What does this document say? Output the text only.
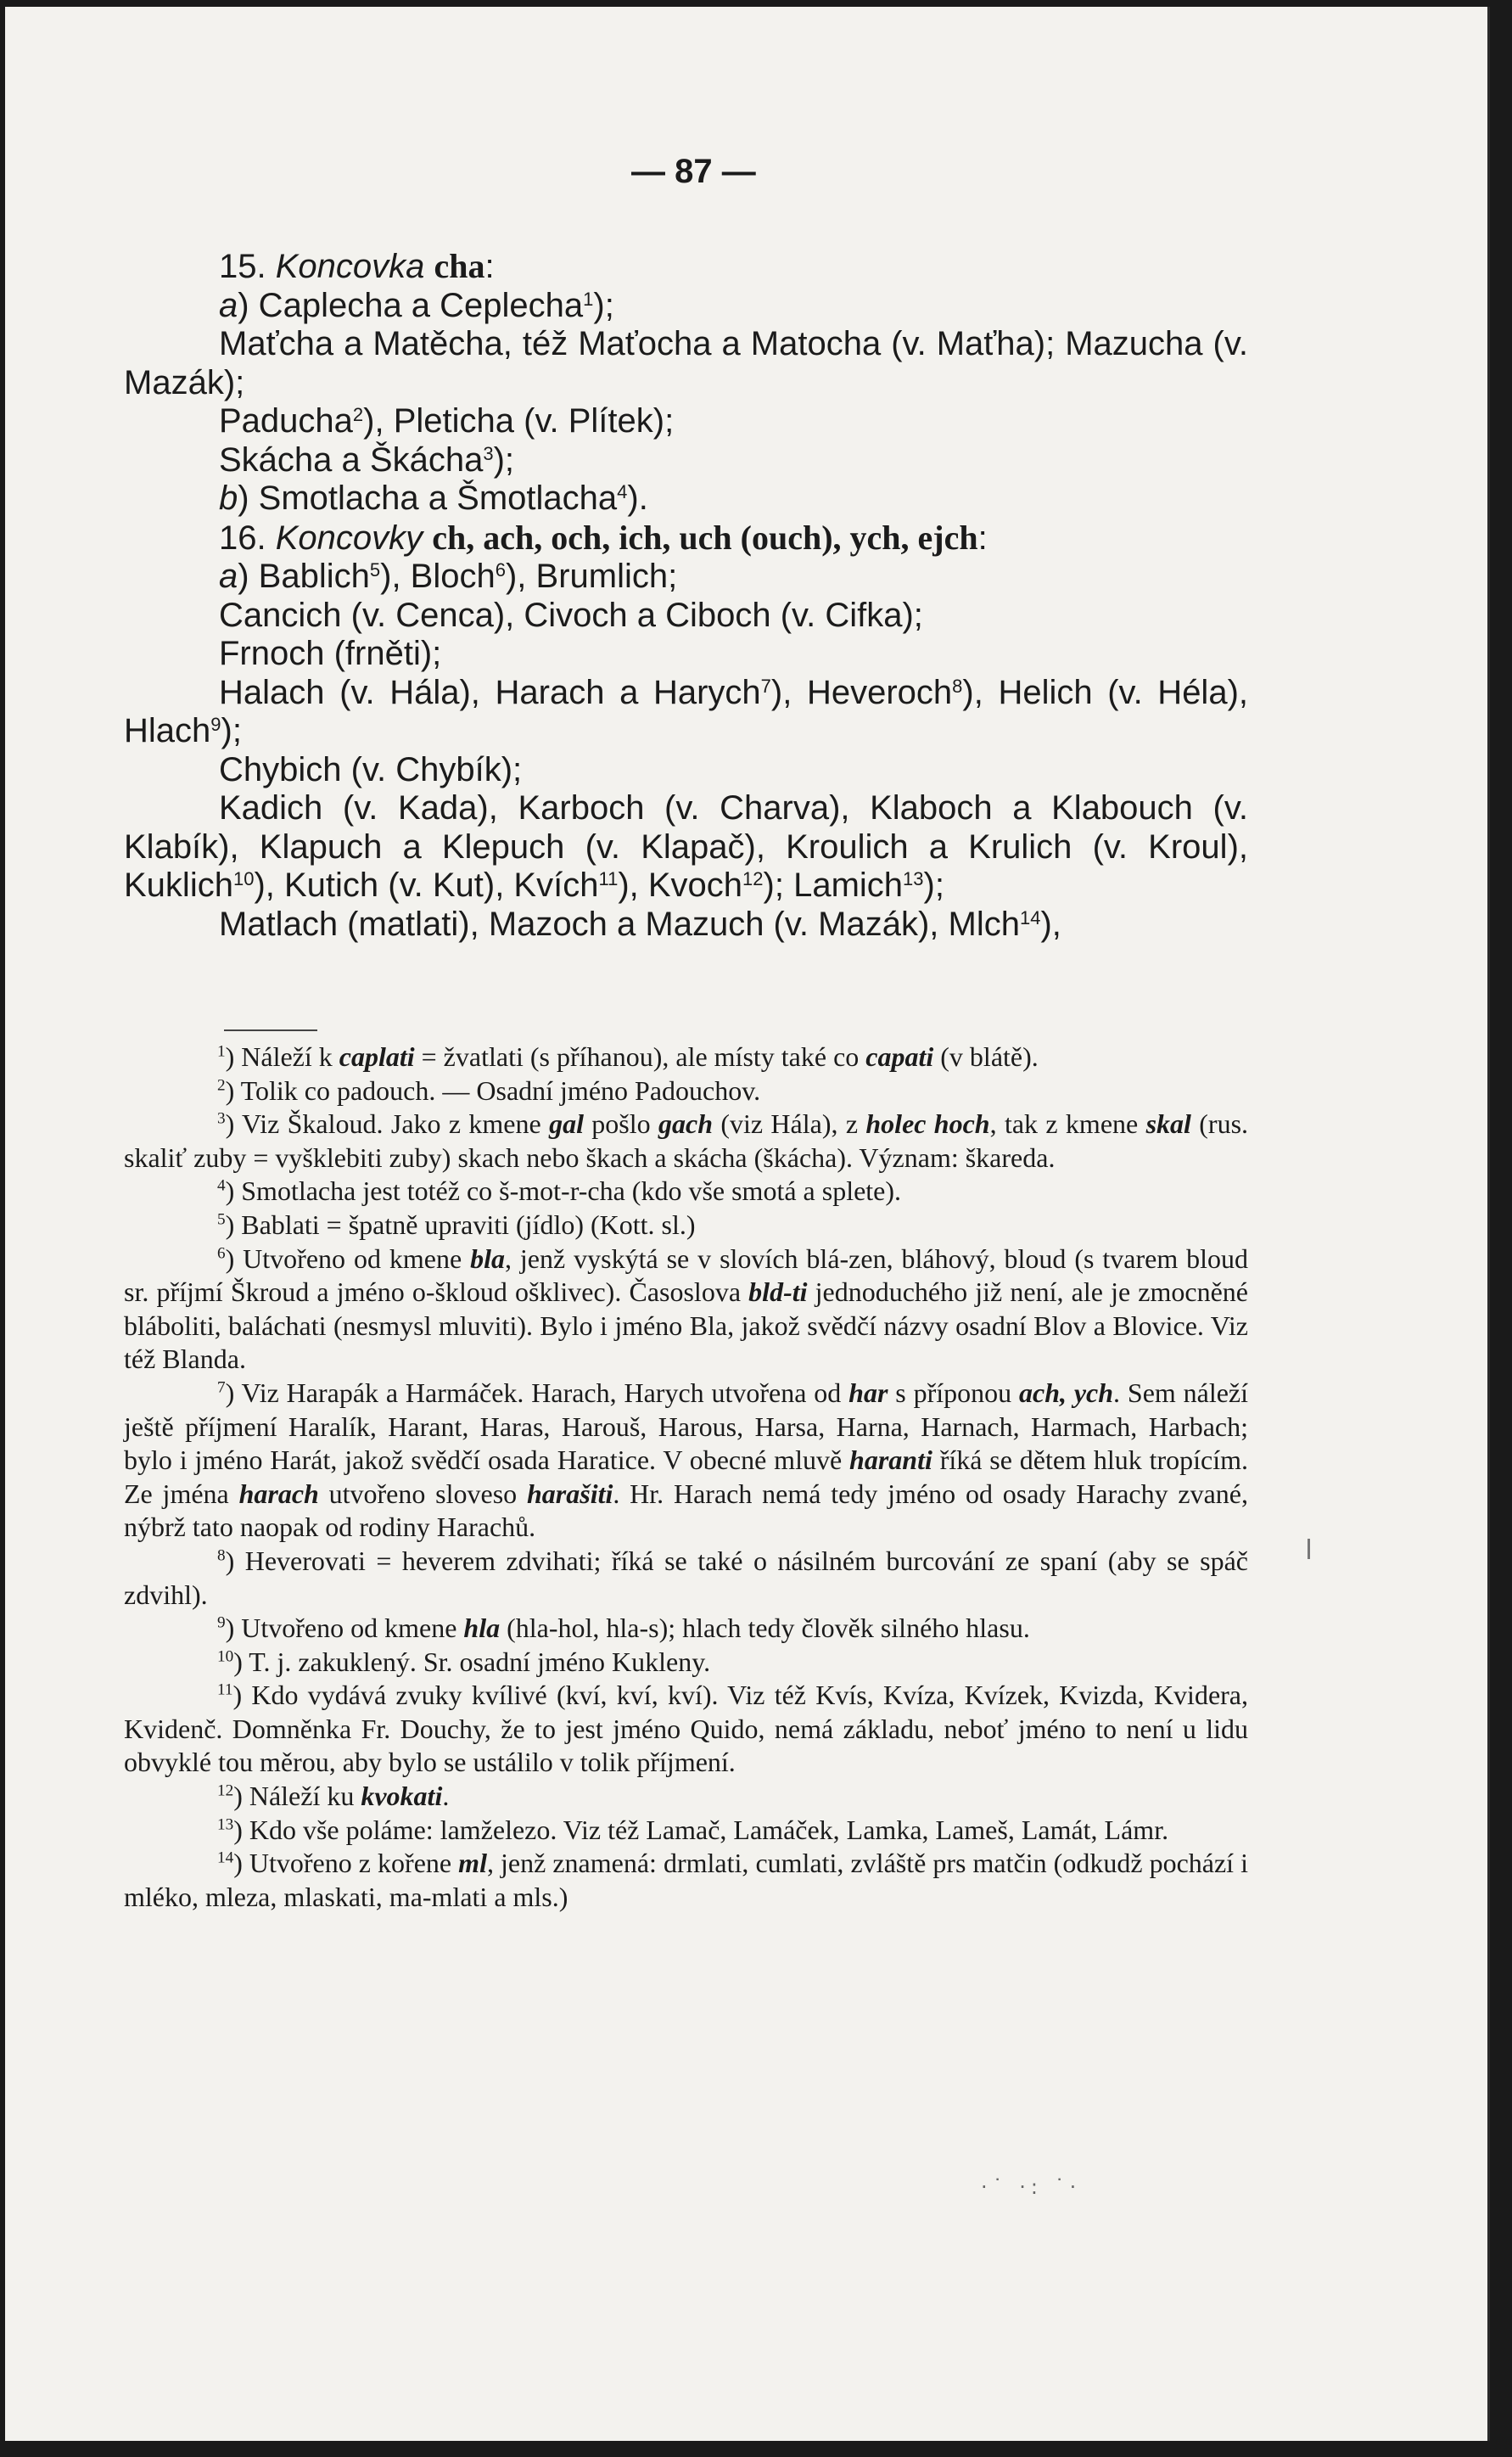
— 87 —

15. Koncovka cha:

a) Caplecha a Ceplecha$^1$);

Maťcha a Matěcha, též Maťocha a Matocha (v. Maťha); Mazucha (v. Mazák);

Paducha$^2$), Pleticha (v. Plítek);

Skácha a Škácha$^3$);

b) Smotlacha a Šmotlacha$^4$).

16. Koncovky ch, ach, och, ich, uch (ouch), ych, ejch:

a) Bablich$^5$), Bloch$^6$), Brumlich;

Cancich (v. Cenca), Civoch a Ciboch (v. Cifka);

Frnoch (frněti);

Halach (v. Hála), Harach a Harych$^7$), Heveroch$^8$), Helich (v. Héla), Hlach$^9$);

Chybich (v. Chybík);

Kadich (v. Kada), Karboch (v. Charva), Klaboch a Klabouch (v. Klabík), Klapuch a Klepuch (v. Klapač), Kroulich a Krulich (v. Kroul), Kuklich$^{10}$), Kutich (v. Kut), Kvích$^{11}$), Kvoch$^{12}$); Lamich$^{13}$);

Matlach (matlati), Mazoch a Mazuch (v. Mazák), Mlch$^{14}$),

$^1$) Náleží k caplati = žvatlati (s příhanou), ale místy také co capati (v blátě).

$^2$) Tolik co padouch. — Osadní jméno Padouchov.

$^3$) Viz Škaloud. Jako z kmene gal pošlo gach (viz Hála), z holec hoch, tak z kmene skal (rus. skaliť zuby = vyšklebiti zuby) skach nebo škach a skácha (škácha). Význam: škareda.

$^4$) Smotlacha jest totéž co š-mot-r-cha (kdo vše smotá a splete).

$^5$) Bablati = špatně upraviti (jídlo) (Kott. sl.)

$^6$) Utvořeno od kmene bla, jenž vyskýtá se v slovích blá-zen, bláhový, bloud (s tvarem bloud sr. příjmí Škroud a jméno o-škloud ošklivec). Časoslova bld-ti jednoduchého již není, ale je zmocněné bláboliti, baláchati (nesmysl mluviti). Bylo i jméno Bla, jakož svědčí názvy osadní Blov a Blovice. Viz též Blanda.

$^7$) Viz Harapák a Harmáček. Harach, Harych utvořena od har s příponou ach, ych. Sem náleží ještě příjmení Haralík, Harant, Haras, Harouš, Harous, Harsa, Harna, Harnach, Harmach, Harbach; bylo i jméno Harát, jakož svědčí osada Haratice. V obecné mluvě haranti říká se dětem hluk tropícím. Ze jména harach utvořeno sloveso harašiti. Hr. Harach nemá tedy jméno od osady Harachy zvané, nýbrž tato naopak od rodiny Harachů.

$^8$) Heverovati = heverem zdvihati; říká se také o násilném burcování ze spaní (aby se spáč zdvihl).

$^9$) Utvořeno od kmene hla (hla-hol, hla-s); hlach tedy člověk silného hlasu.

$^{10}$) T. j. zakuklený. Sr. osadní jméno Kukleny.

$^{11}$) Kdo vydává zvuky kvílivé (kví, kví, kví). Viz též Kvís, Kvíza, Kvízek, Kvizda, Kvidera, Kvidenč. Domněnka Fr. Douchy, že to jest jméno Quido, nemá základu, neboť jméno to není u lidu obvyklé tou měrou, aby bylo se ustálilo v tolik příjmení.

$^{12}$) Náleží ku kvokati.

$^{13}$) Kdo vše poláme: lamželezo. Viz též Lamač, Lamáček, Lamka, Lameš, Lamát, Lámr.

$^{14}$) Utvořeno z kořene ml, jenž znamená: drmlati, cumlati, zvláště prs matčin (odkudž pochází i mléko, mleza, mlaskati, ma-mlati a mls.)

·˙ ·: ˙·
